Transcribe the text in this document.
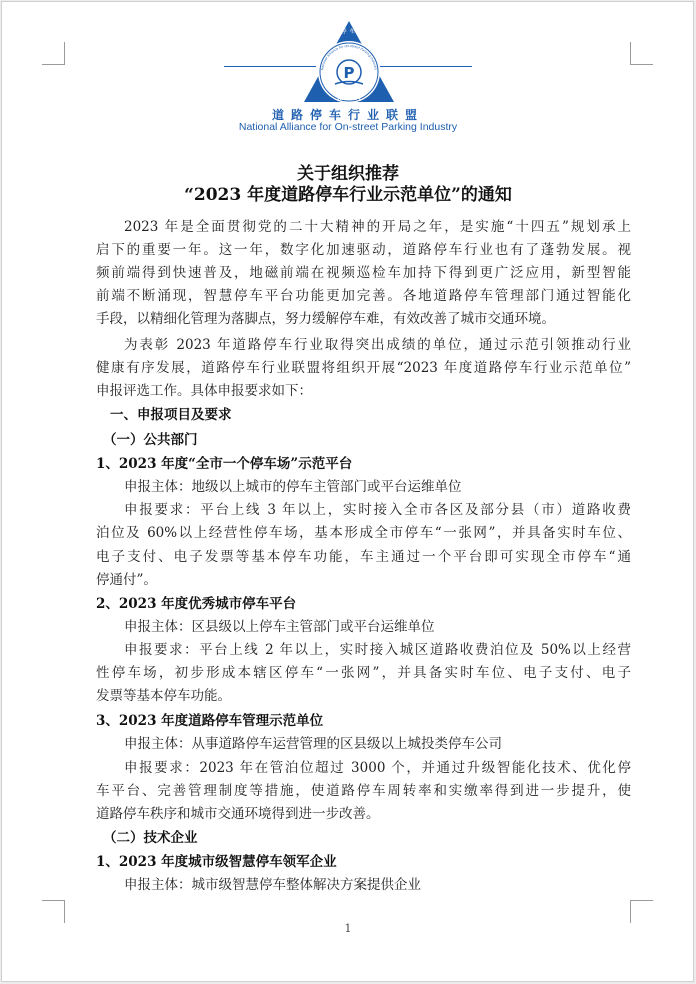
全国道路停车行业联盟
National Alliance for On-street Parking Industry
P
NAOSPI
道路停车行业联盟
National Alliance for On-street Parking Industry
关于组织推荐
“2023 年度道路停车行业示范单位”的通知
2023 年是全面贯彻党的二十大精神的开局之年，是实施“十四五”规划承上
启下的重要一年。这一年，数字化加速驱动，道路停车行业也有了蓬勃发展。视
频前端得到快速普及，地磁前端在视频巡检车加持下得到更广泛应用，新型智能
前端不断涌现，智慧停车平台功能更加完善。各地道路停车管理部门通过智能化
手段，以精细化管理为落脚点，努力缓解停车难，有效改善了城市交通环境。
为表彰 2023 年道路停车行业取得突出成绩的单位，通过示范引领推动行业
健康有序发展，道路停车行业联盟将组织开展“2023 年度道路停车行业示范单位”
申报评选工作。具体申报要求如下：
一、申报项目及要求
（一）公共部门
1、2023 年度“全市一个停车场”示范平台
申报主体：地级以上城市的停车主管部门或平台运维单位
申报要求：平台上线 3 年以上，实时接入全市各区及部分县（市）道路收费
泊位及 60%以上经营性停车场，基本形成全市停车“一张网”，并具备实时车位、
电子支付、电子发票等基本停车功能，车主通过一个平台即可实现全市停车“通
停通付”。
2、2023 年度优秀城市停车平台
申报主体：区县级以上停车主管部门或平台运维单位
申报要求：平台上线 2 年以上，实时接入城区道路收费泊位及 50%以上经营
性停车场，初步形成本辖区停车“一张网”，并具备实时车位、电子支付、电子
发票等基本停车功能。
3、2023 年度道路停车管理示范单位
申报主体：从事道路停车运营管理的区县级以上城投类停车公司
申报要求：2023 年在管泊位超过 3000 个，并通过升级智能化技术、优化停
车平台、完善管理制度等措施，使道路停车周转率和实缴率得到进一步提升，使
道路停车秩序和城市交通环境得到进一步改善。
（二）技术企业
1、2023 年度城市级智慧停车领军企业
申报主体：城市级智慧停车整体解决方案提供企业
1
